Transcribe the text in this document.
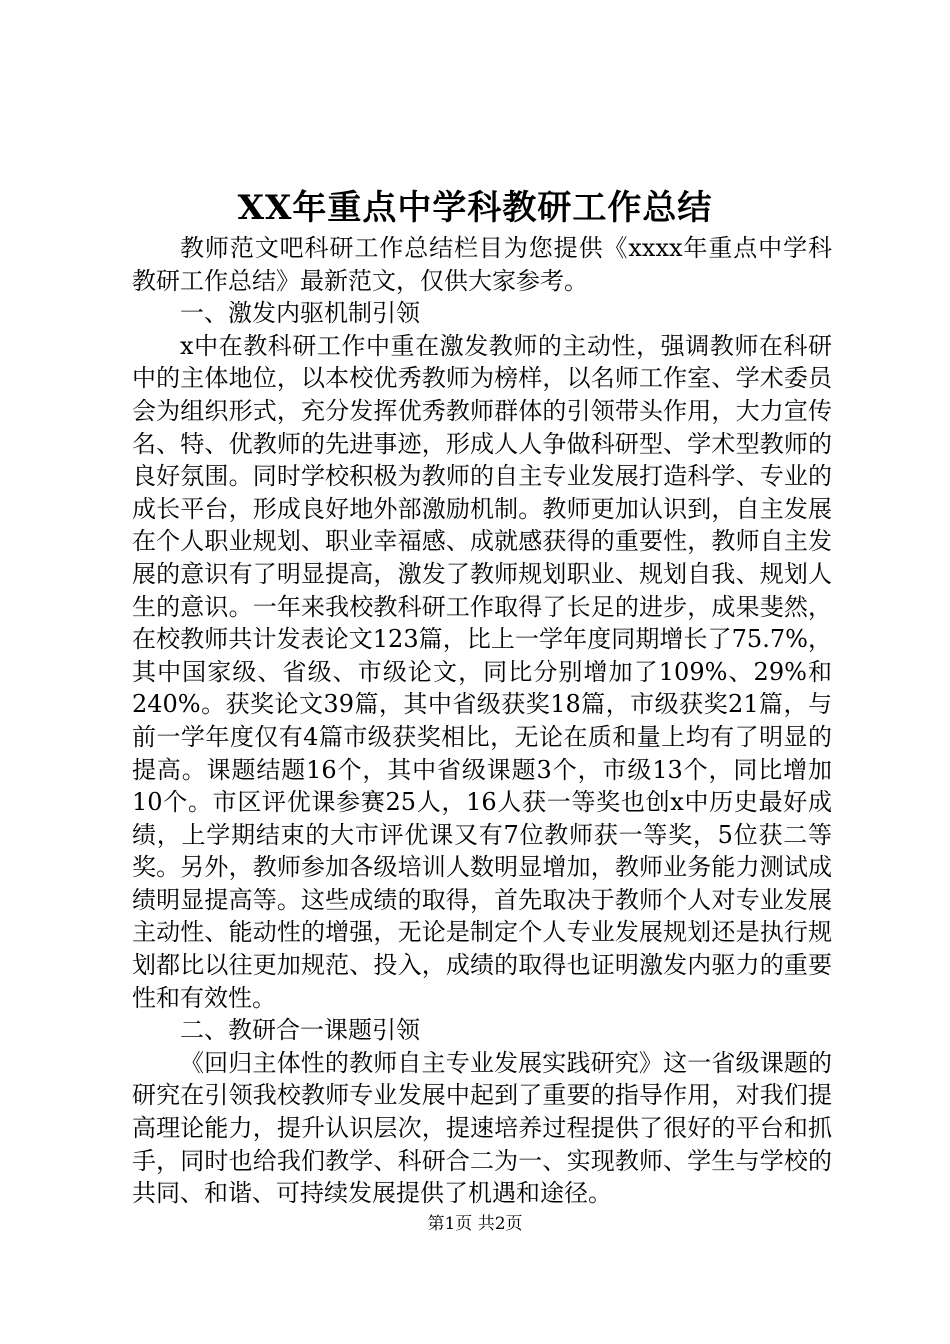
XX年重点中学科教研工作总结

教师范文吧科研工作总结栏目为您提供《xxxx年重点中学科教研工作总结》最新范文，仅供大家参考。

一、激发内驱机制引领

x中在教科研工作中重在激发教师的主动性，强调教师在科研中的主体地位，以本校优秀教师为榜样，以名师工作室、学术委员会为组织形式，充分发挥优秀教师群体的引领带头作用，大力宣传名、特、优教师的先进事迹，形成人人争做科研型、学术型教师的良好氛围。同时学校积极为教师的自主专业发展打造科学、专业的成长平台，形成良好地外部激励机制。教师更加认识到，自主发展在个人职业规划、职业幸福感、成就感获得的重要性，教师自主发展的意识有了明显提高，激发了教师规划职业、规划自我、规划人生的意识。一年来我校教科研工作取得了长足的进步，成果斐然，在校教师共计发表论文123篇，比上一学年度同期增长了75.7%，其中国家级、省级、市级论文，同比分别增加了109%、29%和240%。获奖论文39篇，其中省级获奖18篇，市级获奖21篇，与前一学年度仅有4篇市级获奖相比，无论在质和量上均有了明显的提高。课题结题16个，其中省级课题3个，市级13个，同比增加10个。市区评优课参赛25人，16人获一等奖也创x中历史最好成绩，上学期结束的大市评优课又有7位教师获一等奖，5位获二等奖。另外，教师参加各级培训人数明显增加，教师业务能力测试成绩明显提高等。这些成绩的取得，首先取决于教师个人对专业发展主动性、能动性的增强，无论是制定个人专业发展规划还是执行规划都比以往更加规范、投入，成绩的取得也证明激发内驱力的重要性和有效性。

二、教研合一课题引领

《回归主体性的教师自主专业发展实践研究》这一省级课题的研究在引领我校教师专业发展中起到了重要的指导作用，对我们提高理论能力，提升认识层次，提速培养过程提供了很好的平台和抓手，同时也给我们教学、科研合二为一、实现教师、学生与学校的共同、和谐、可持续发展提供了机遇和途径。

第1页 共2页
